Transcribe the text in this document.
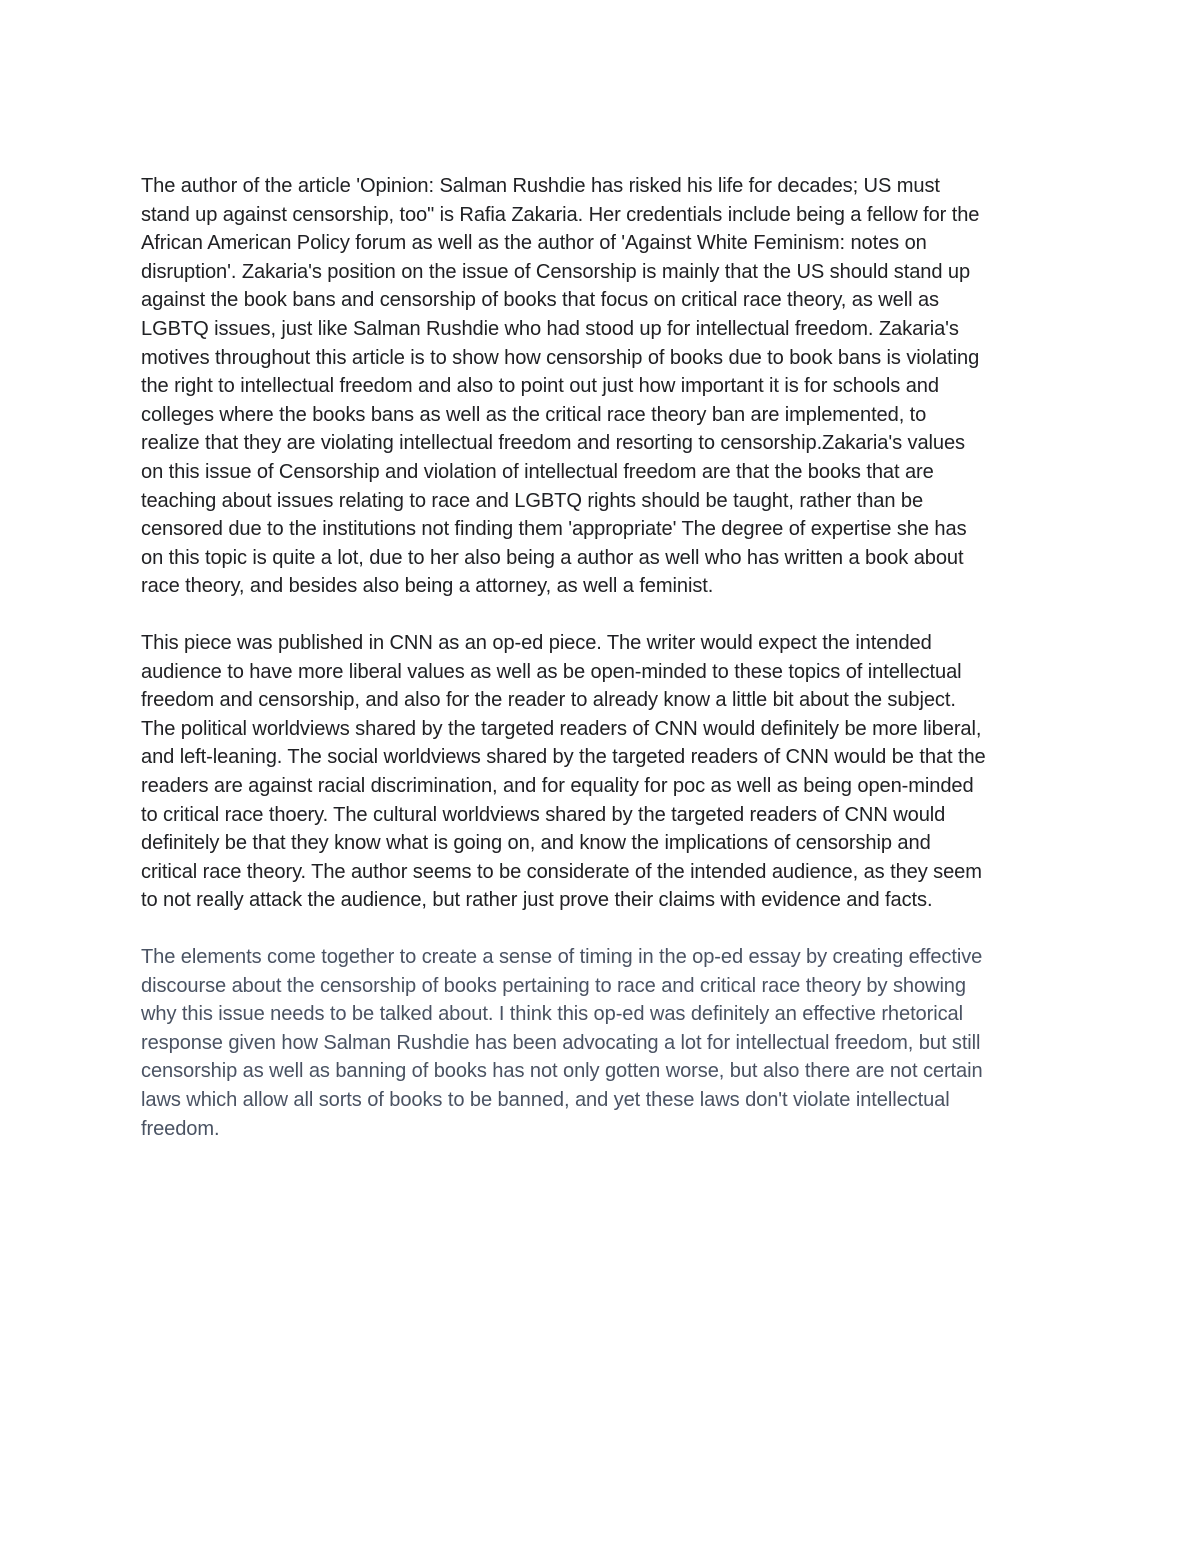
The author of the article 'Opinion: Salman Rushdie has risked his life for decades; US must
stand up against censorship, too" is Rafia Zakaria. Her credentials include being a fellow for the
African American Policy forum as well as the author of 'Against White Feminism: notes on
disruption'. Zakaria's position on the issue of Censorship is mainly that the US should stand up
against the book bans and censorship of books that focus on critical race theory, as well as
LGBTQ issues, just like Salman Rushdie who had stood up for intellectual freedom. Zakaria's
motives throughout this article is to show how censorship of books due to book bans is violating
the right to intellectual freedom and also to point out just how important it is for schools and
colleges where the books bans as well as the critical race theory ban are implemented, to
realize that they are violating intellectual freedom and resorting to censorship.Zakaria's values
on this issue of Censorship and violation of intellectual freedom are that the books that are
teaching about issues relating to race and LGBTQ rights should be taught, rather than be
censored due to the institutions not finding them 'appropriate' The degree of expertise she has
on this topic is quite a lot, due to her also being a author as well who has written a book about
race theory, and besides also being a attorney, as well a feminist.

This piece was published in CNN as an op-ed piece. The writer would expect the intended
audience to have more liberal values as well as be open-minded to these topics of intellectual
freedom and censorship, and also for the reader to already know a little bit about the subject.
The political worldviews shared by the targeted readers of CNN would definitely be more liberal,
and left-leaning. The social worldviews shared by the targeted readers of CNN would be that the
readers are against racial discrimination, and for equality for poc as well as being open-minded
to critical race thoery. The cultural worldviews shared by the targeted readers of CNN would
definitely be that they know what is going on, and know the implications of censorship and
critical race theory. The author seems to be considerate of the intended audience, as they seem
to not really attack the audience, but rather just prove their claims with evidence and facts.

The elements come together to create a sense of timing in the op-ed essay by creating effective
discourse about the censorship of books pertaining to race and critical race theory by showing
why this issue needs to be talked about. I think this op-ed was definitely an effective rhetorical
response given how Salman Rushdie has been advocating a lot for intellectual freedom, but still
censorship as well as banning of books has not only gotten worse, but also there are not certain
laws which allow all sorts of books to be banned, and yet these laws don't violate intellectual
freedom.
